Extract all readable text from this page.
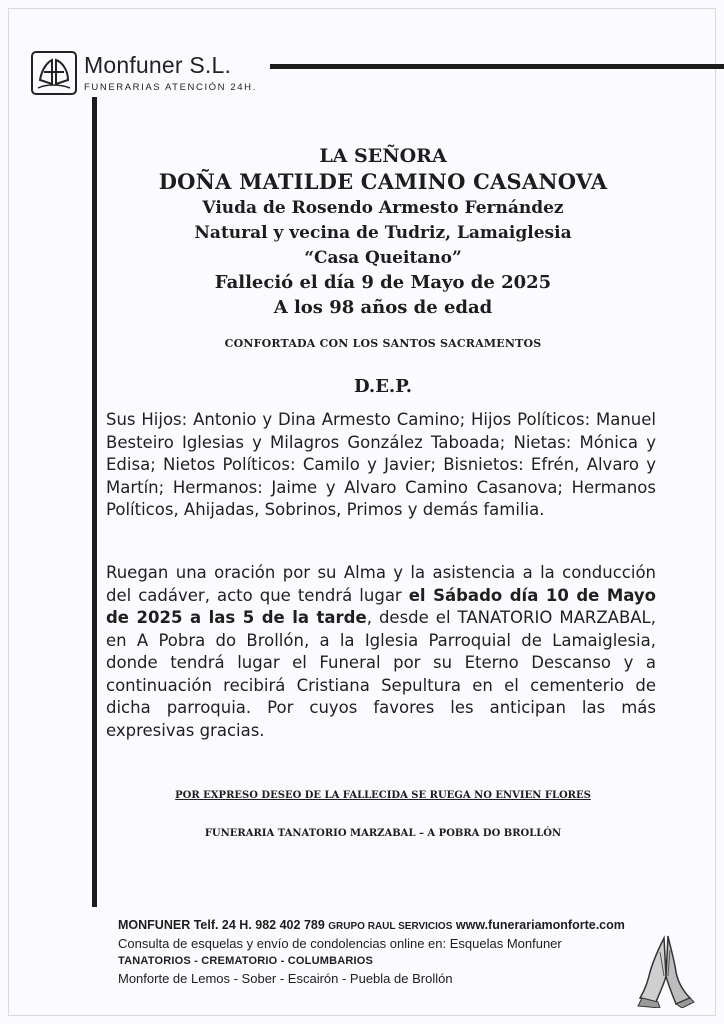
Monfuner S.L.
FUNERARIAS ATENCIÓN 24H.

LA SEÑORA

DOÑA MATILDE CAMINO CASANOVA

Viuda de Rosendo Armesto Fernández

Natural y vecina de Tudriz, Lamaiglesia

“Casa Queitano”

Falleció el día 9 de Mayo de 2025

A los 98 años de edad

CONFORTADA CON LOS SANTOS SACRAMENTOS

D.E.P.

Sus Hijos: Antonio y Dina Armesto Camino; Hijos Políticos: Manuel Besteiro Iglesias y Milagros González Taboada; Nietas: Mónica y Edisa; Nietos Políticos: Camilo y Javier; Bisnietos: Efrén, Alvaro y Martín; Hermanos: Jaime y Alvaro Camino Casanova; Hermanos Políticos, Ahijadas, Sobrinos, Primos y demás familia.

Ruegan una oración por su Alma y la asistencia a la conducción del cadáver, acto que tendrá lugar el Sábado día 10 de Mayo de 2025 a las 5 de la tarde, desde el TANATORIO MARZABAL, en A Pobra do Brollón, a la Iglesia Parroquial de Lamaiglesia, donde tendrá lugar el Funeral por su Eterno Descanso y a continuación recibirá Cristiana Sepultura en el cementerio de dicha parroquia. Por cuyos favores les anticipan las más expresivas gracias.

POR EXPRESO DESEO DE LA FALLECIDA SE RUEGA NO ENVIEN FLORES

FUNERARIA TANATORIO MARZABAL – A POBRA DO BROLLÓN

MONFUNER Telf. 24 H. 982 402 789 GRUPO RAUL SERVICIOS www.funerariamonforte.com

Consulta de esquelas y envío de condolencias online en: Esquelas Monfuner

TANATORIOS - CREMATORIO - COLUMBARIOS

Monforte de Lemos - Sober - Escairón - Puebla de Brollón
